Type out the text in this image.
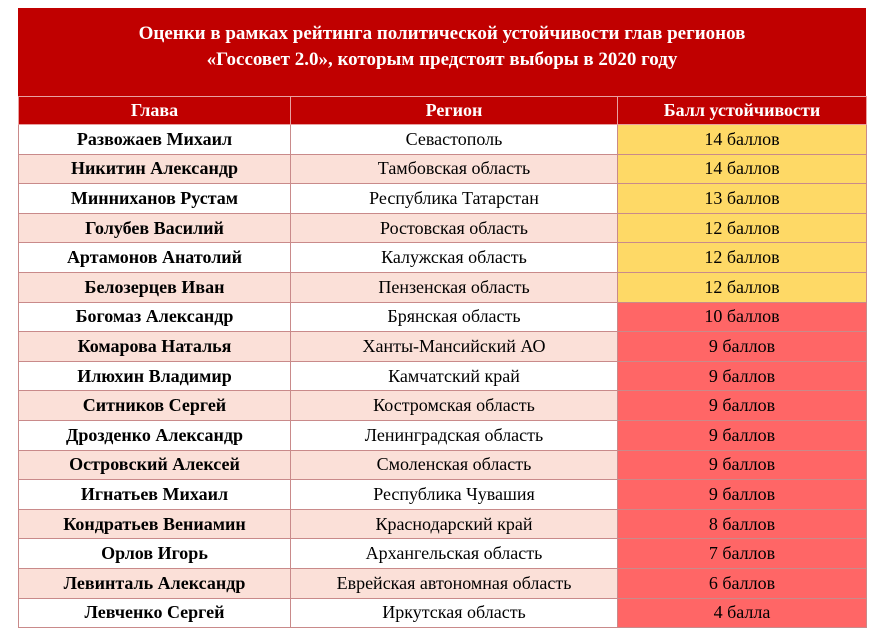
Оценки в рамках рейтинга политической устойчивости глав регионов
«Госсовет 2.0», которым предстоят выборы в 2020 году
Глава	Регион	Балл устойчивости
Развожаев Михаил	Севастополь	14 баллов
Никитин Александр	Тамбовская область	14 баллов
Минниханов Рустам	Республика Татарстан	13 баллов
Голубев Василий	Ростовская область	12 баллов
Артамонов Анатолий	Калужская область	12 баллов
Белозерцев Иван	Пензенская область	12 баллов
Богомаз Александр	Брянская область	10 баллов
Комарова Наталья	Ханты-Мансийский АО	9 баллов
Илюхин Владимир	Камчатский край	9 баллов
Ситников Сергей	Костромская область	9 баллов
Дрозденко Александр	Ленинградская область	9 баллов
Островский Алексей	Смоленская область	9 баллов
Игнатьев Михаил	Республика Чувашия	9 баллов
Кондратьев Вениамин	Краснодарский край	8 баллов
Орлов Игорь	Архангельская область	7 баллов
Левинталь Александр	Еврейская автономная область	6 баллов
Левченко Сергей	Иркутская область	4 балла
